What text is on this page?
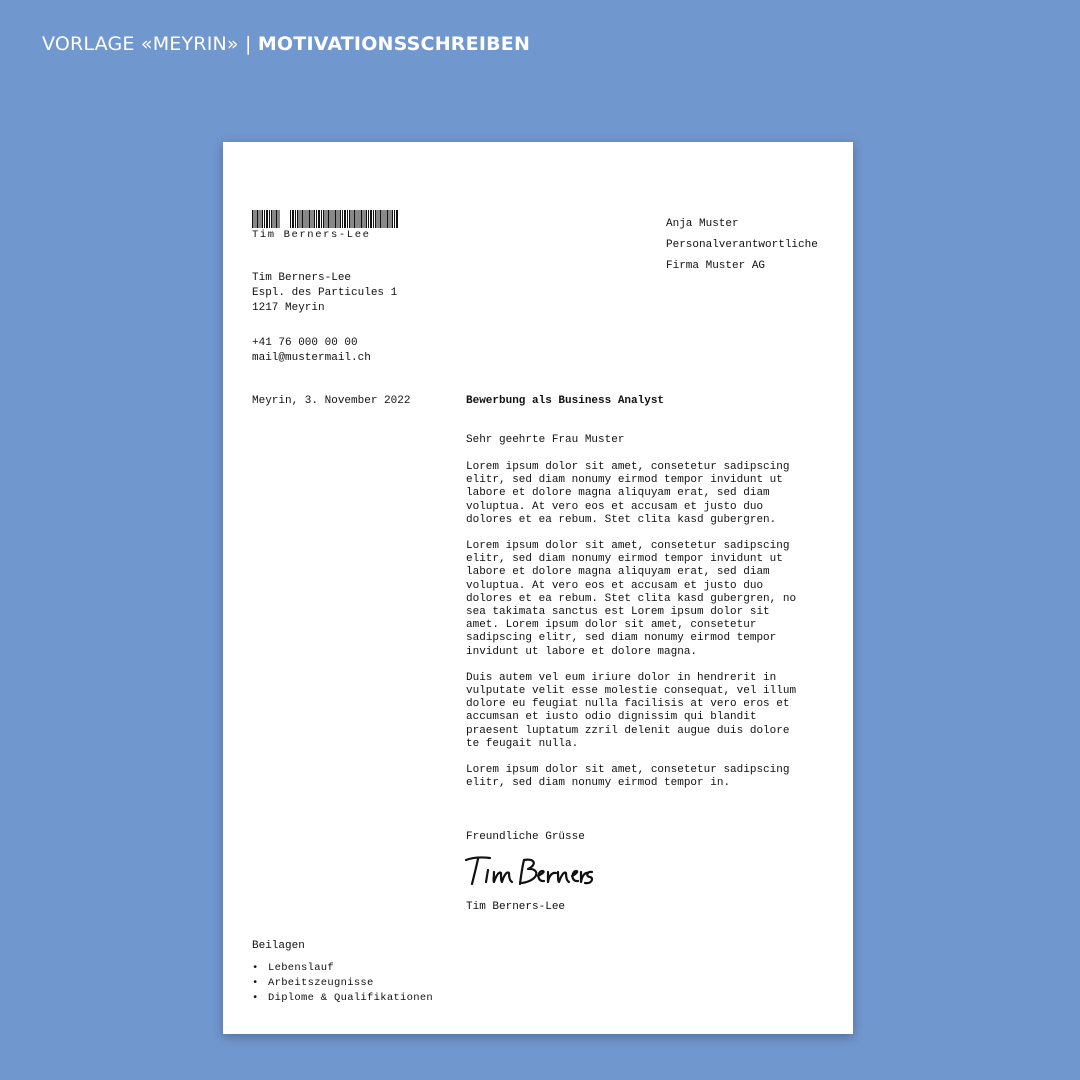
VORLAGE «MEYRIN» | MOTIVATIONSSCHREIBEN
Tim Berners-Lee
Anja Muster
Personalverantwortliche
Firma Muster AG
Tim Berners-Lee
Espl. des Particules 1
1217 Meyrin
+41 76 000 00 00
mail@mustermail.ch
Meyrin, 3. November 2022	Bewerbung als Business Analyst
Sehr geehrte Frau Muster

Lorem ipsum dolor sit amet, consetetur sadipscing
elitr, sed diam nonumy eirmod tempor invidunt ut
labore et dolore magna aliquyam erat, sed diam
voluptua. At vero eos et accusam et justo duo
dolores et ea rebum. Stet clita kasd gubergren.

Lorem ipsum dolor sit amet, consetetur sadipscing
elitr, sed diam nonumy eirmod tempor invidunt ut
labore et dolore magna aliquyam erat, sed diam
voluptua. At vero eos et accusam et justo duo
dolores et ea rebum. Stet clita kasd gubergren, no
sea takimata sanctus est Lorem ipsum dolor sit
amet. Lorem ipsum dolor sit amet, consetetur
sadipscing elitr, sed diam nonumy eirmod tempor
invidunt ut labore et dolore magna.

Duis autem vel eum iriure dolor in hendrerit in
vulputate velit esse molestie consequat, vel illum
dolore eu feugiat nulla facilisis at vero eros et
accumsan et iusto odio dignissim qui blandit
praesent luptatum zzril delenit augue duis dolore
te feugait nulla.

Lorem ipsum dolor sit amet, consetetur sadipscing
elitr, sed diam nonumy eirmod tempor in.

Freundliche Grüsse
Tim Berners
Tim Berners-Lee
Beilagen
• Lebenslauf
• Arbeitszeugnisse
• Diplome & Qualifikationen
